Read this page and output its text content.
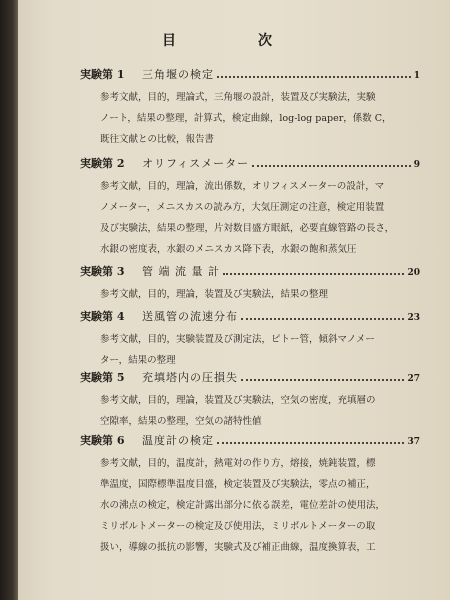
目　次
実験第 1	三角堰の検定	1
参考文献，目的，理論式，三角堰の設計，装置及び実験法，実験
ノート，結果の整理，計算式，検定曲線，log-log paper，係数 C，
既往文献との比較，報告書
実験第 2	オリフィスメーター	9
参考文献，目的，理論，流出係数，オリフィスメーターの設計，マ
ノメーター，メニスカスの読み方，大気圧測定の注意，検定用装置
及び実験法，結果の整理，片対数目盛方眼紙，必要直線管路の長さ，
水銀の密度表，水銀のメニスカス降下表，水銀の飽和蒸気圧
実験第 3	管 端 流 量 計	20
参考文献，目的，理論，装置及び実験法，結果の整理
実験第 4	送風管の流速分布	23
参考文献，目的，実験装置及び測定法，ピトー管，傾斜マノメー
ター，結果の整理
実験第 5	充填塔内の圧損失	27
参考文献，目的，理論，装置及び実験法，空気の密度，充填層の
空隙率，結果の整理，空気の諸特性値
実験第 6	温度計の検定	37
参考文献，目的，温度計，熱電対の作り方，熔接，焼鈍装置，標
準温度，国際標準温度目盛，検定装置及び実験法，零点の補正，
水の沸点の検定，検定計露出部分に依る誤差，電位差計の使用法，
ミリボルトメーターの検定及び使用法，ミリボルトメーターの取
扱い，導線の抵抗の影響，実験式及び補正曲線，温度換算表，工
